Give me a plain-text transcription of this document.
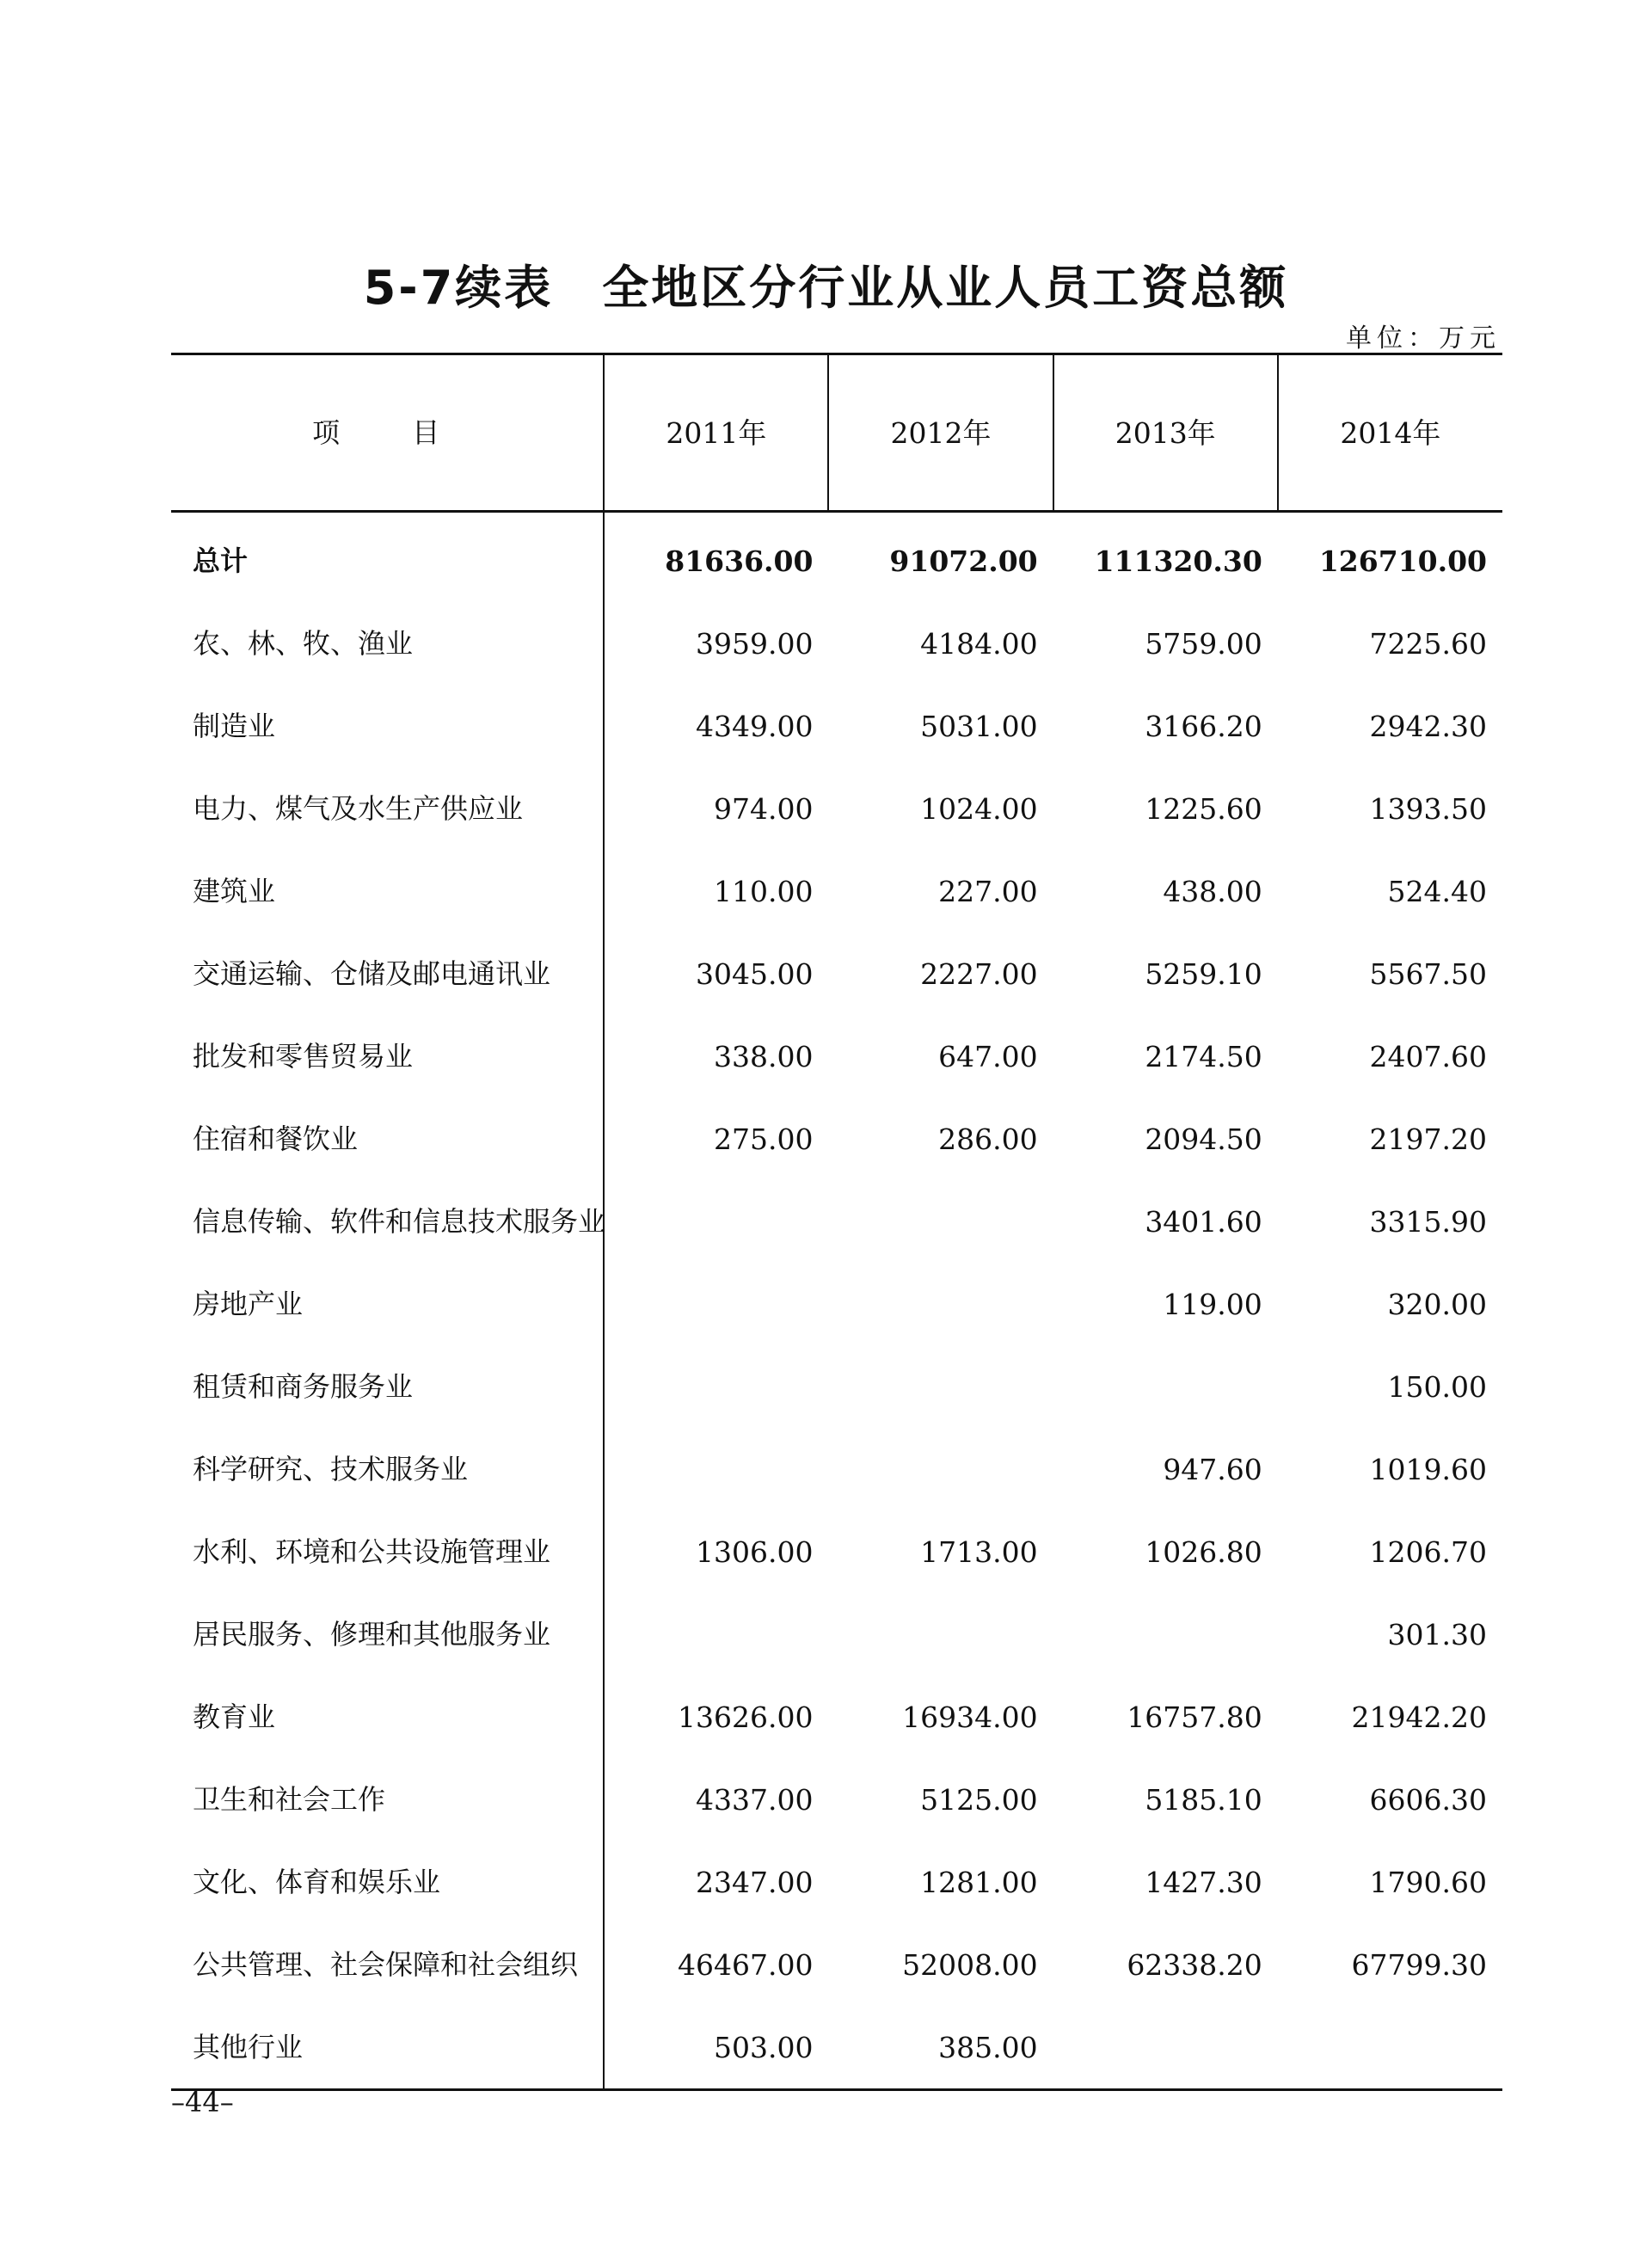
5-7续表　全地区分行业从业人员工资总额
单位：万元
项　目	2011年	2012年	2013年	2014年
总计	81636.00	91072.00	111320.30	126710.00
农、林、牧、渔业	3959.00	4184.00	5759.00	7225.60
制造业	4349.00	5031.00	3166.20	2942.30
电力、煤气及水生产供应业	974.00	1024.00	1225.60	1393.50
建筑业	110.00	227.00	438.00	524.40
交通运输、仓储及邮电通讯业	3045.00	2227.00	5259.10	5567.50
批发和零售贸易业	338.00	647.00	2174.50	2407.60
住宿和餐饮业	275.00	286.00	2094.50	2197.20
信息传输、软件和信息技术服务业			3401.60	3315.90
房地产业			119.00	320.00
租赁和商务服务业				150.00
科学研究、技术服务业			947.60	1019.60
水利、环境和公共设施管理业	1306.00	1713.00	1026.80	1206.70
居民服务、修理和其他服务业				301.30
教育业	13626.00	16934.00	16757.80	21942.20
卫生和社会工作	4337.00	5125.00	5185.10	6606.30
文化、体育和娱乐业	2347.00	1281.00	1427.30	1790.60
公共管理、社会保障和社会组织	46467.00	52008.00	62338.20	67799.30
其他行业	503.00	385.00		
–44–
